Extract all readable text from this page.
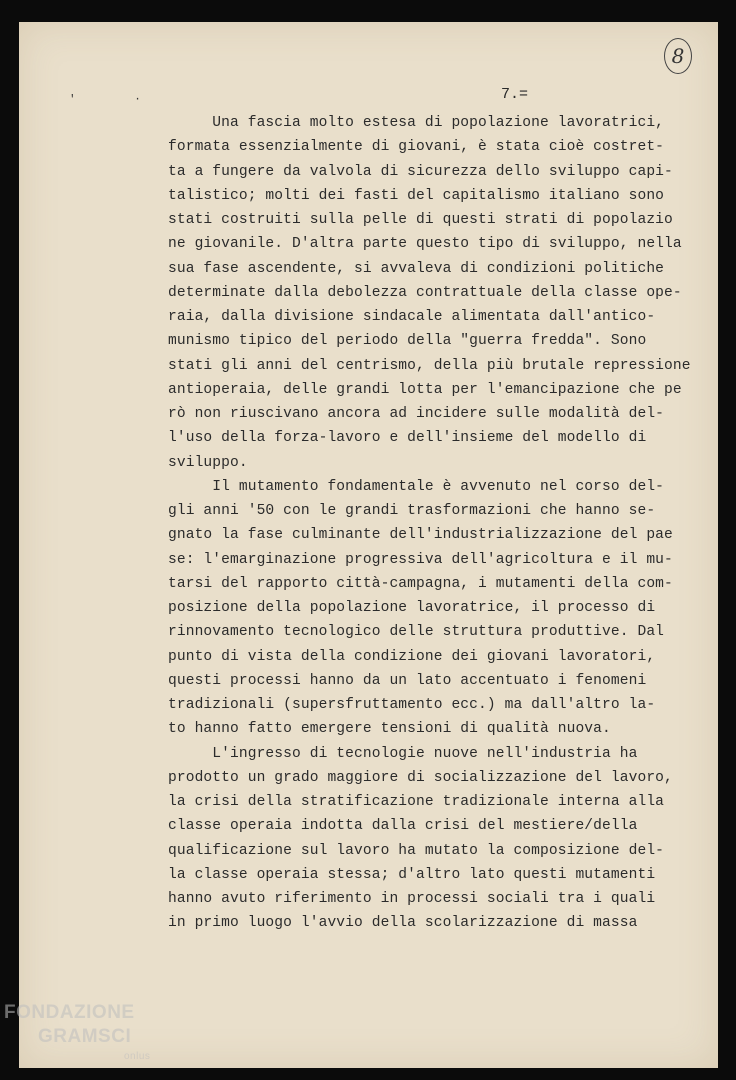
8
' ·	7.=
Una fascia molto estesa di popolazione lavoratrici,
formata essenzialmente di giovani, è stata cioè costret-
ta a fungere da valvola di sicurezza dello sviluppo capi-
talistico; molti dei fasti del capitalismo italiano sono
stati costruiti sulla pelle di questi strati di popolazio
ne giovanile. D'altra parte questo tipo di sviluppo, nella
sua fase ascendente, si avvaleva di condizioni politiche
determinate dalla debolezza contrattuale della classe ope-
raia, dalla divisione sindacale alimentata dall'antico-
munismo tipico del periodo della "guerra fredda". Sono
stati gli anni del centrismo, della più brutale repressione
antioperaia, delle grandi lotta per l'emancipazione che pe
rò non riuscivano ancora ad incidere sulle modalità del-
l'uso della forza-lavoro e dell'insieme del modello di
sviluppo.
Il mutamento fondamentale è avvenuto nel corso del-
gli anni '50 con le grandi trasformazioni che hanno se-
gnato la fase culminante dell'industrializzazione del pae
se: l'emarginazione progressiva dell'agricoltura e il mu-
tarsi del rapporto città-campagna, i mutamenti della com-
posizione della popolazione lavoratrice, il processo di
rinnovamento tecnologico delle struttura produttive. Dal
punto di vista della condizione dei giovani lavoratori,
questi processi hanno da un lato accentuato i fenomeni
tradizionali (supersfruttamento ecc.) ma dall'altro la-
to hanno fatto emergere tensioni di qualità nuova.
L'ingresso di tecnologie nuove nell'industria ha
prodotto un grado maggiore di socializzazione del lavoro,
la crisi della stratificazione tradizionale interna alla
classe operaia indotta dalla crisi del mestiere/della
qualificazione sul lavoro ha mutato la composizione del-
la classe operaia stessa; d'altro lato questi mutamenti
hanno avuto riferimento in processi sociali tra i quali
in primo luogo l'avvio della scolarizzazione di massa
FONDAZIONE
GRAMSCI
onlus
